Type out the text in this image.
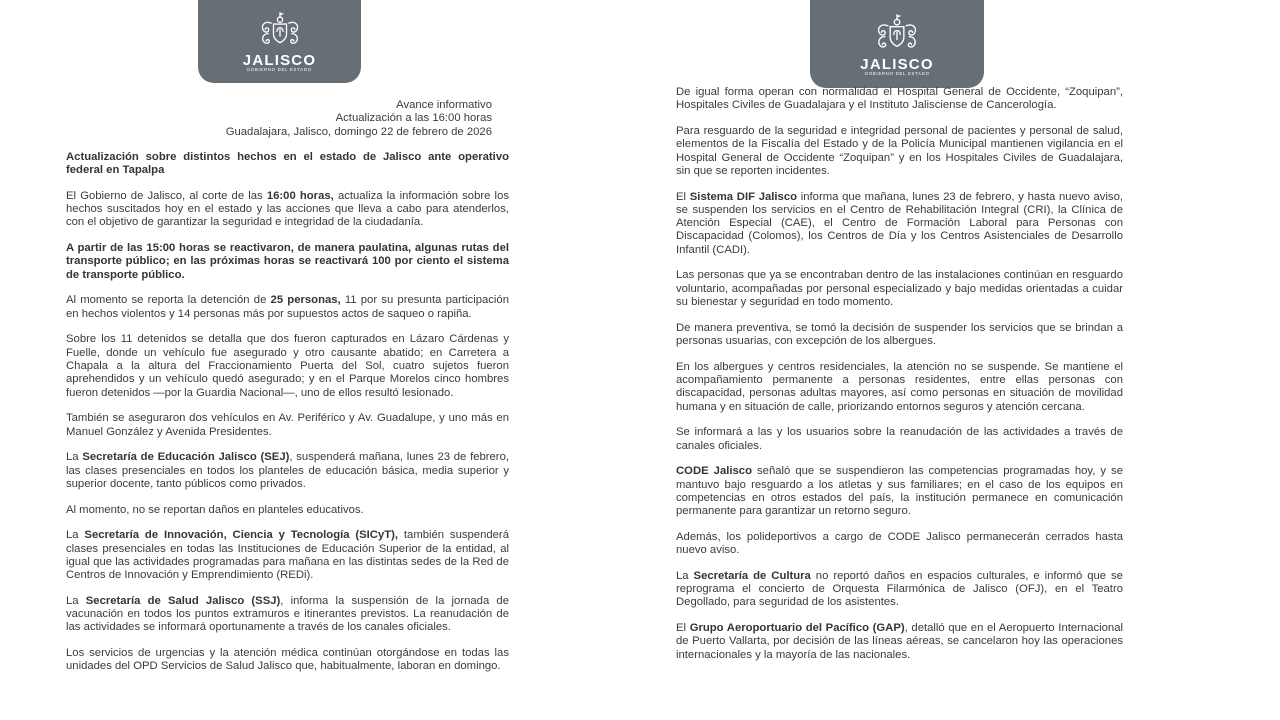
JALISCO
GOBIERNO DEL ESTADO	JALISCO
GOBIERNO DEL ESTADO
Avance informativo
Actualización a las 16:00 horas
Guadalajara, Jalisco, domingo 22 de febrero de 2026

Actualización sobre distintos hechos en el estado de Jalisco ante operativo federal en Tapalpa

El Gobierno de Jalisco, al corte de las 16:00 horas, actualiza la información sobre los hechos suscitados hoy en el estado y las acciones que lleva a cabo para atenderlos, con el objetivo de garantizar la seguridad e integridad de la ciudadanía.

A partir de las 15:00 horas se reactivaron, de manera paulatina, algunas rutas del transporte público; en las próximas horas se reactivará 100 por ciento el sistema de transporte público.

Al momento se reporta la detención de 25 personas, 11 por su presunta participación en hechos violentos y 14 personas más por supuestos actos de saqueo o rapiña.

Sobre los 11 detenidos se detalla que dos fueron capturados en Lázaro Cárdenas y Fuelle, donde un vehículo fue asegurado y otro causante abatido; en Carretera a Chapala a la altura del Fraccionamiento Puerta del Sol, cuatro sujetos fueron aprehendidos y un vehículo quedó asegurado; y en el Parque Morelos cinco hombres fueron detenidos —por la Guardia Nacional—, uno de ellos resultó lesionado.

También se aseguraron dos vehículos en Av. Periférico y Av. Guadalupe, y uno más en Manuel González y Avenida Presidentes.

La Secretaría de Educación Jalisco (SEJ), suspenderá mañana, lunes 23 de febrero, las clases presenciales en todos los planteles de educación básica, media superior y superior docente, tanto públicos como privados.

Al momento, no se reportan daños en planteles educativos.

La Secretaría de Innovación, Ciencia y Tecnología (SICyT), también suspenderá clases presenciales en todas las Instituciones de Educación Superior de la entidad, al igual que las actividades programadas para mañana en las distintas sedes de la Red de Centros de Innovación y Emprendimiento (REDi).

La Secretaría de Salud Jalisco (SSJ), informa la suspensión de la jornada de vacunación en todos los puntos extramuros e itinerantes previstos. La reanudación de las actividades se informará oportunamente a través de los canales oficiales.

Los servicios de urgencias y la atención médica continúan otorgándose en todas las unidades del OPD Servicios de Salud Jalisco que, habitualmente, laboran en domingo.

De igual forma operan con normalidad el Hospital General de Occidente, “Zoquipan”, Hospitales Civiles de Guadalajara y el Instituto Jalisciense de Cancerología.

Para resguardo de la seguridad e integridad personal de pacientes y personal de salud, elementos de la Fiscalía del Estado y de la Policía Municipal mantienen vigilancia en el Hospital General de Occidente “Zoquipan” y en los Hospitales Civiles de Guadalajara, sin que se reporten incidentes.

El Sistema DIF Jalisco informa que mañana, lunes 23 de febrero, y hasta nuevo aviso, se suspenden los servicios en el Centro de Rehabilitación Integral (CRI), la Clínica de Atención Especial (CAE), el Centro de Formación Laboral para Personas con Discapacidad (Colomos), los Centros de Día y los Centros Asistenciales de Desarrollo Infantil (CADI).

Las personas que ya se encontraban dentro de las instalaciones continúan en resguardo voluntario, acompañadas por personal especializado y bajo medidas orientadas a cuidar su bienestar y seguridad en todo momento.

De manera preventiva, se tomó la decisión de suspender los servicios que se brindan a personas usuarias, con excepción de los albergues.

En los albergues y centros residenciales, la atención no se suspende. Se mantiene el acompañamiento permanente a personas residentes, entre ellas personas con discapacidad, personas adultas mayores, así como personas en situación de movilidad humana y en situación de calle, priorizando entornos seguros y atención cercana.

Se informará a las y los usuarios sobre la reanudación de las actividades a través de canales oficiales.

CODE Jalisco señaló que se suspendieron las competencias programadas hoy, y se mantuvo bajo resguardo a los atletas y sus familiares; en el caso de los equipos en competencias en otros estados del país, la institución permanece en comunicación permanente para garantizar un retorno seguro.

Además, los polideportivos a cargo de CODE Jalisco permanecerán cerrados hasta nuevo aviso.

La Secretaría de Cultura no reportó daños en espacios culturales, e informó que se reprograma el concierto de Orquesta Filarmónica de Jalisco (OFJ), en el Teatro Degollado, para seguridad de los asistentes.

El Grupo Aeroportuario del Pacífico (GAP), detalló que en el Aeropuerto Internacional de Puerto Vallarta, por decisión de las líneas aéreas, se cancelaron hoy las operaciones internacionales y la mayoría de las nacionales.
